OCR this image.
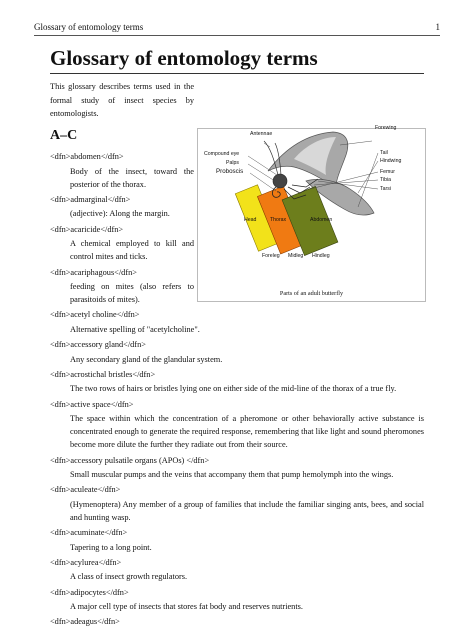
Glossary of entomology terms	1
Glossary of entomology terms

This glossary describes terms used in the formal study of insect species by entomologists.

A–C	Antennae
Forewing
Compound eye
Palps
Proboscis
Tail
Hindwing
Femur
Tibia
Tarsi
Head	Thorax	Abdomen
Foreleg Midleg Hindleg
Parts of an adult butterfly

<dfn>abdomen</dfn>

Body of the insect, toward the posterior of the thorax.

<dfn>admarginal</dfn>

(adjective): Along the margin.

<dfn>acaricide</dfn>

A chemical employed to kill and control mites and ticks.

<dfn>acariphagous</dfn>

feeding on mites (also refers to parasitoids of mites).

<dfn>acetyl choline</dfn>

Alternative spelling of "acetylcholine".

<dfn>accessory gland</dfn>

Any secondary gland of the glandular system.

<dfn>acrostichal bristles</dfn>

The two rows of hairs or bristles lying one on either side of the mid-line of the thorax of a true fly.

<dfn>active space</dfn>

The space within which the concentration of a pheromone or other behaviorally active substance is concentrated enough to generate the required response, remembering that like light and sound pheromones become more dilute the further they radiate out from their source.

<dfn>accessory pulsatile organs (APOs) </dfn>

Small muscular pumps and the veins that accompany them that pump hemolymph into the wings.

<dfn>aculeate</dfn>

(Hymenoptera) Any member of a group of families that include the familiar singing ants, bees, and social and hunting wasp.

<dfn>acuminate</dfn>

Tapering to a long point.

<dfn>acylurea</dfn>

A class of insect growth regulators.

<dfn>adipocytes</dfn>

A major cell type of insects that stores fat body and reserves nutrients.

<dfn>adeagus</dfn>
